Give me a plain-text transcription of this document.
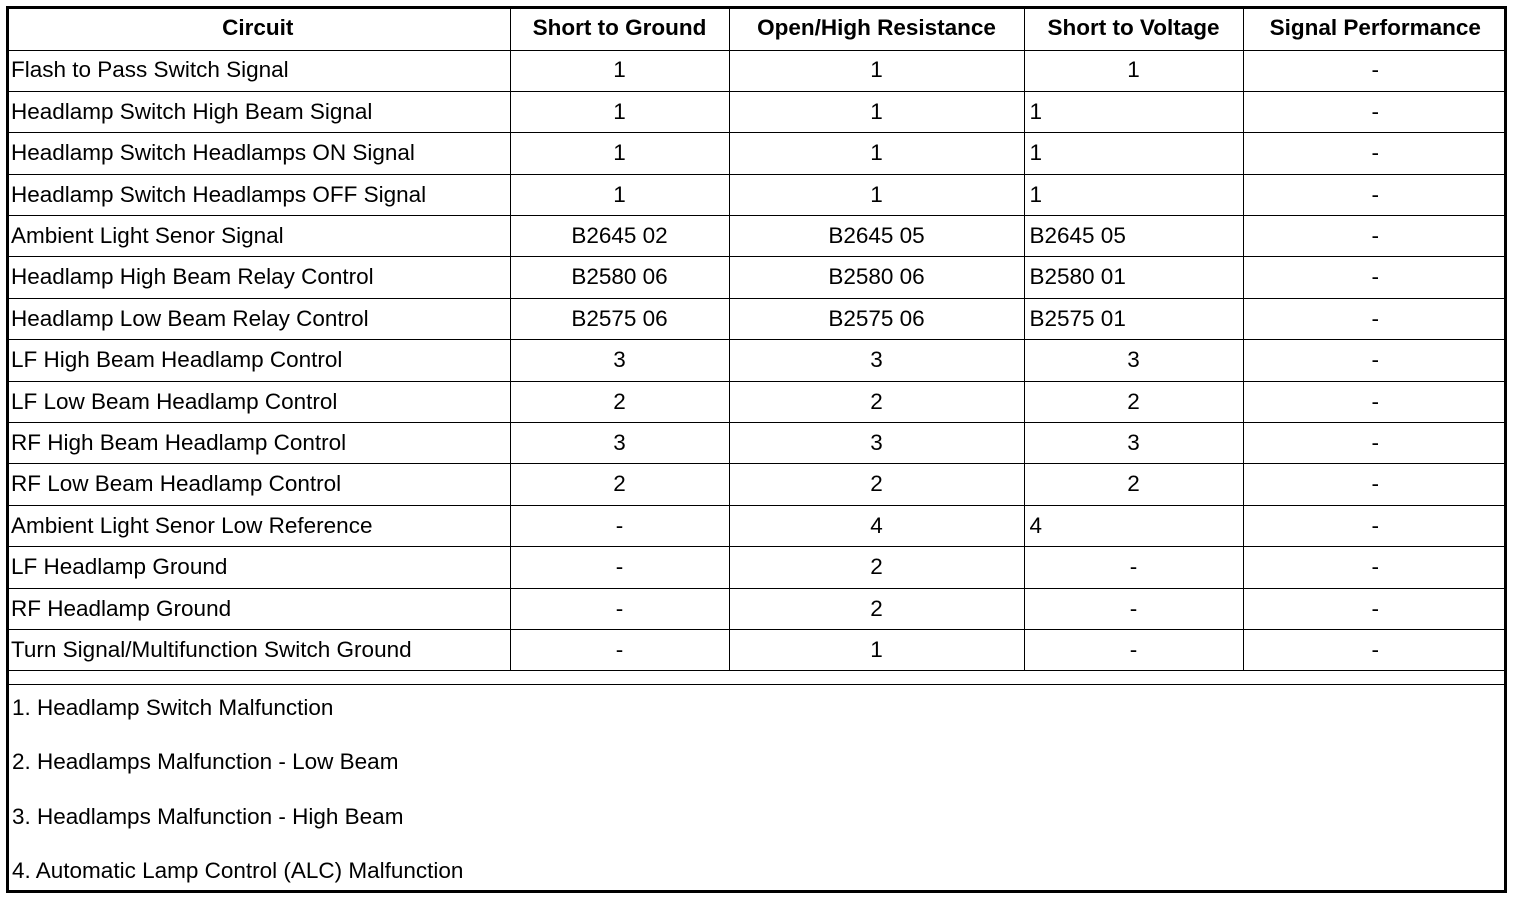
Circuit	Short to Ground	Open/High Resistance	Short to Voltage	Signal Performance
Flash to Pass Switch Signal	1	1	1	-
Headlamp Switch High Beam Signal	1	1	1	-
Headlamp Switch Headlamps ON Signal	1	1	1	-
Headlamp Switch Headlamps OFF Signal	1	1	1	-
Ambient Light Senor Signal	B2645 02	B2645 05	B2645 05	-
Headlamp High Beam Relay Control	B2580 06	B2580 06	B2580 01	-
Headlamp Low Beam Relay Control	B2575 06	B2575 06	B2575 01	-
LF High Beam Headlamp Control	3	3	3	-
LF Low Beam Headlamp Control	2	2	2	-
RF High Beam Headlamp Control	3	3	3	-
RF Low Beam Headlamp Control	2	2	2	-
Ambient Light Senor Low Reference	-	4	4	-
LF Headlamp Ground	-	2	-	-
RF Headlamp Ground	-	2	-	-
Turn Signal/Multifunction Switch Ground	-	1	-	-
1. Headlamp Switch Malfunction
2. Headlamps Malfunction - Low Beam
3. Headlamps Malfunction - High Beam
4. Automatic Lamp Control (ALC) Malfunction
